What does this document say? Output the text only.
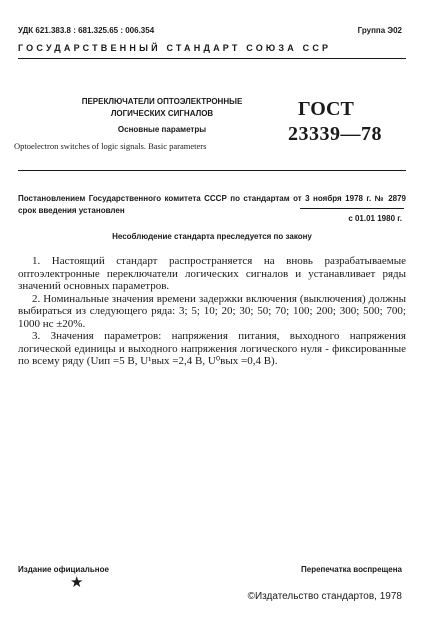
УДК 621.383.8 : 681.325.65 : 006.354	Группа Э02
ГОСУДАРСТВЕННЫЙ СТАНДАРТ СОЮЗА ССР
ПЕРЕКЛЮЧАТЕЛИ ОПТОЭЛЕКТРОННЫЕ
ЛОГИЧЕСКИХ СИГНАЛОВ
Основные параметры
Optoelectron switches of logic signals. Basic parameters
ГОСТ
23339—78
Постановлением Государственного комитета СССР по стандартам от 3 ноября 1978 г. № 2879 срок введения установлен
с 01.01 1980 г.
Несоблюдение стандарта преследуется по закону

1. Настоящий стандарт распространяется на вновь разрабатываемые оптоэлектронные переключатели логических сигналов и устанавливает ряды значений основных параметров.

2. Номинальные значения времени задержки включения (выключения) должны выбираться из следующего ряда: 3; 5; 10; 20; 30; 50; 70; 100; 200; 300; 500; 700; 1000 нс ±20%.

3. Значения параметров: напряжения питания, выходного напряжения логической единицы и выходного напряжения логического нуля - фиксированные по всему ряду (Uип =5 В, U¹вых =2,4 В, U⁰вых =0,4 В).

Издание официальное	Перепечатка воспрещена
★
©Издательство стандартов, 1978
